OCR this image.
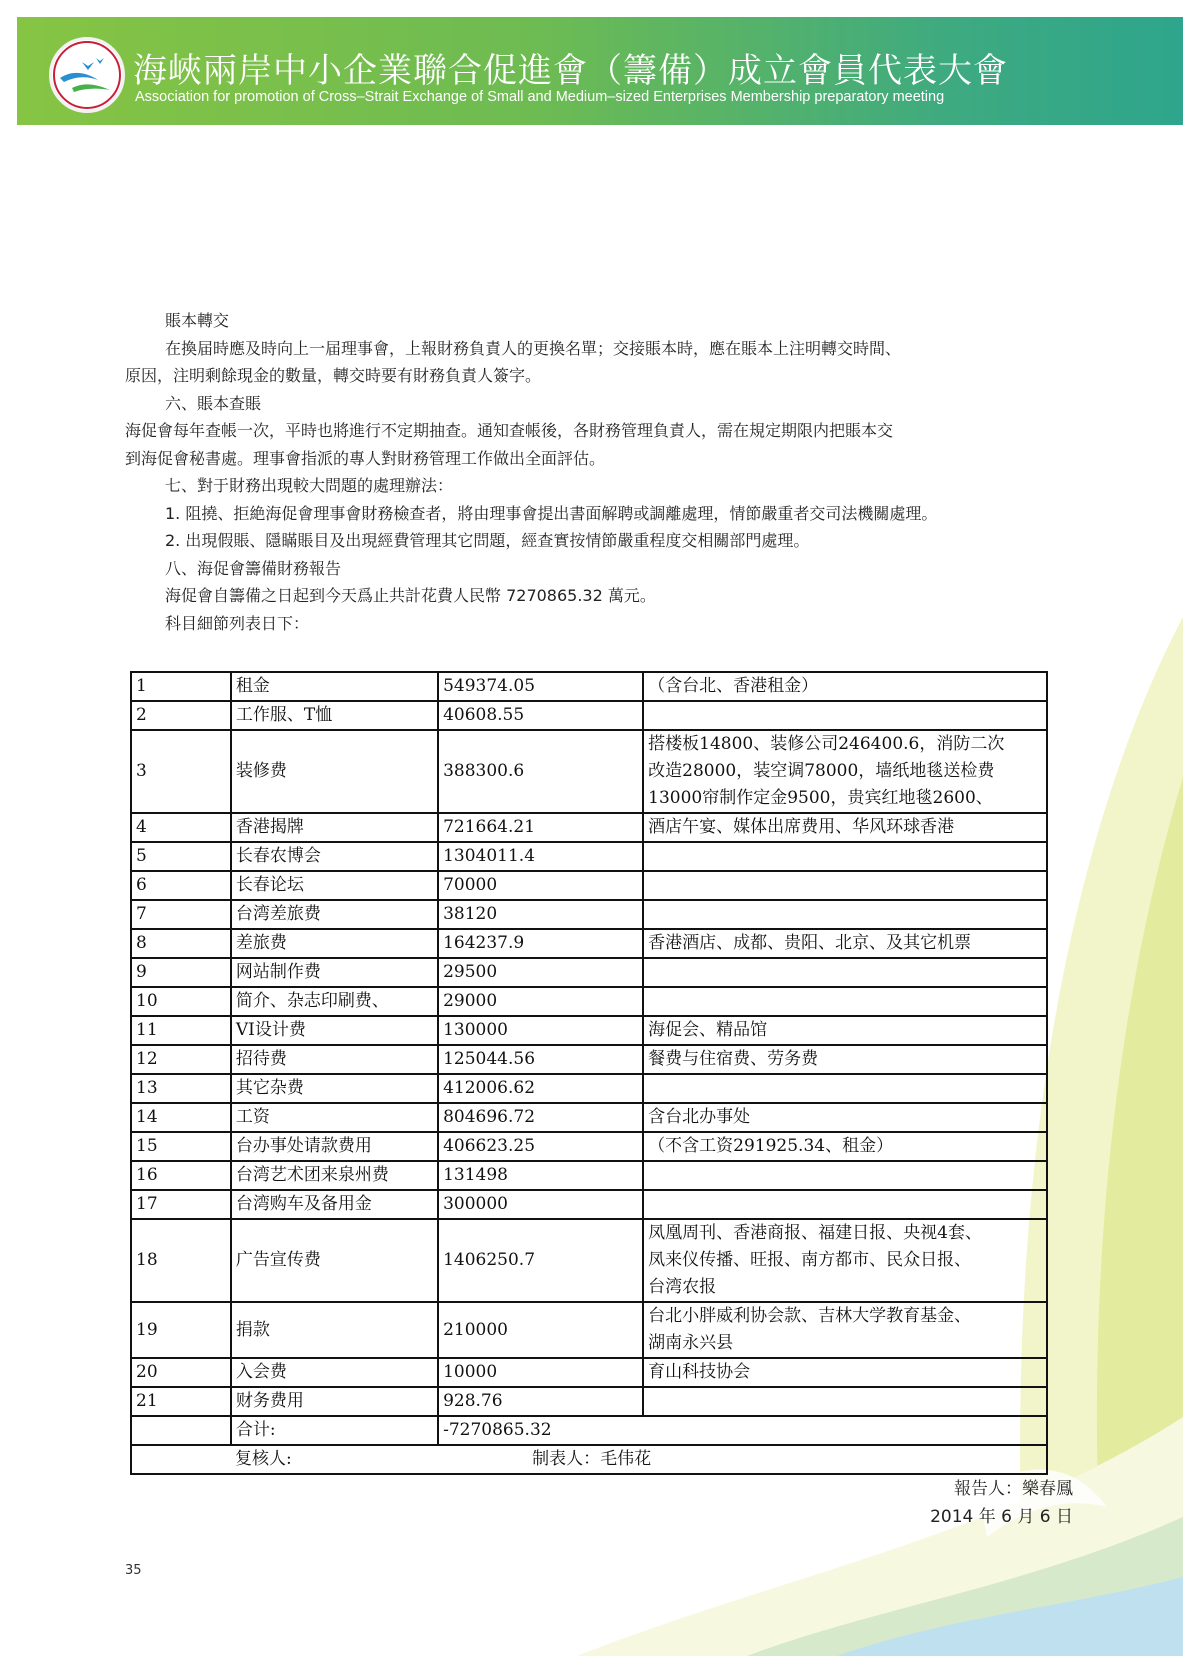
海峽兩岸中小企業聯合促進會（籌備）成立會員代表大會
Association for promotion of Cross–Strait Exchange of Small and Medium–sized Enterprises Membership preparatory meeting

賬本轉交

在換届時應及時向上一届理事會，上報財務負責人的更換名單；交接賬本時，應在賬本上注明轉交時間、

原因，注明剩餘現金的數量，轉交時要有財務負責人簽字。

六、賬本查賬

海促會每年查帳一次，平時也將進行不定期抽查。通知查帳後，各財務管理負責人，需在規定期限内把賬本交

到海促會秘書處。理事會指派的專人對財務管理工作做出全面評估。

七、對于財務出現較大問題的處理辦法：

1. 阻撓、拒絶海促會理事會財務檢查者，將由理事會提出書面解聘或調離處理，情節嚴重者交司法機關處理。

2. 出現假賬、隱瞞賬目及出現經費管理其它問題，經查實按情節嚴重程度交相關部門處理。

八、海促會籌備財務報告

海促會自籌備之日起到今天爲止共計花費人民幣 7270865.32 萬元。

科目細節列表日下：

1	租金	549374.05	（含台北、香港租金）
2	工作服、T恤	40608.55	
3	装修费	388300.6	搭楼板14800、装修公司246400.6，消防二次
改造28000，装空调78000，墙纸地毯送检费
13000帘制作定金9500，贵宾红地毯2600、

4	香港揭牌	721664.21	酒店午宴、媒体出席费用、华风环球香港
5	长春农博会	1304011.4	
6	长春论坛	70000	
7	台湾差旅费	38120	
8	差旅费	164237.9	香港酒店、成都、贵阳、北京、及其它机票
9	网站制作费	29500	
10	简介、杂志印刷费、	29000	
11	VI设计费	130000	海促会、精品馆
12	招待费	125044.56	餐费与住宿费、劳务费
13	其它杂费	412006.62	
14	工资	804696.72	含台北办事处
15	台办事处请款费用	406623.25	（不含工资291925.34、租金）
16	台湾艺术团来泉州费	131498	
17	台湾购车及备用金	300000	
18	广告宣传费	1406250.7	凤凰周刊、香港商报、福建日报、央视4套、
凤来仪传播、旺报、南方都市、民众日报、
台湾农报

19	捐款	210000	台北小胖威利协会款、吉林大学教育基金、
湖南永兴县

20	入会费	10000	育山科技协会
21	财务费用	928.76	
	合计:	-7270865.32	
复核人: 制表人：毛伟花			
報告人：樂春鳳
2014 年 6 月 6 日
35
